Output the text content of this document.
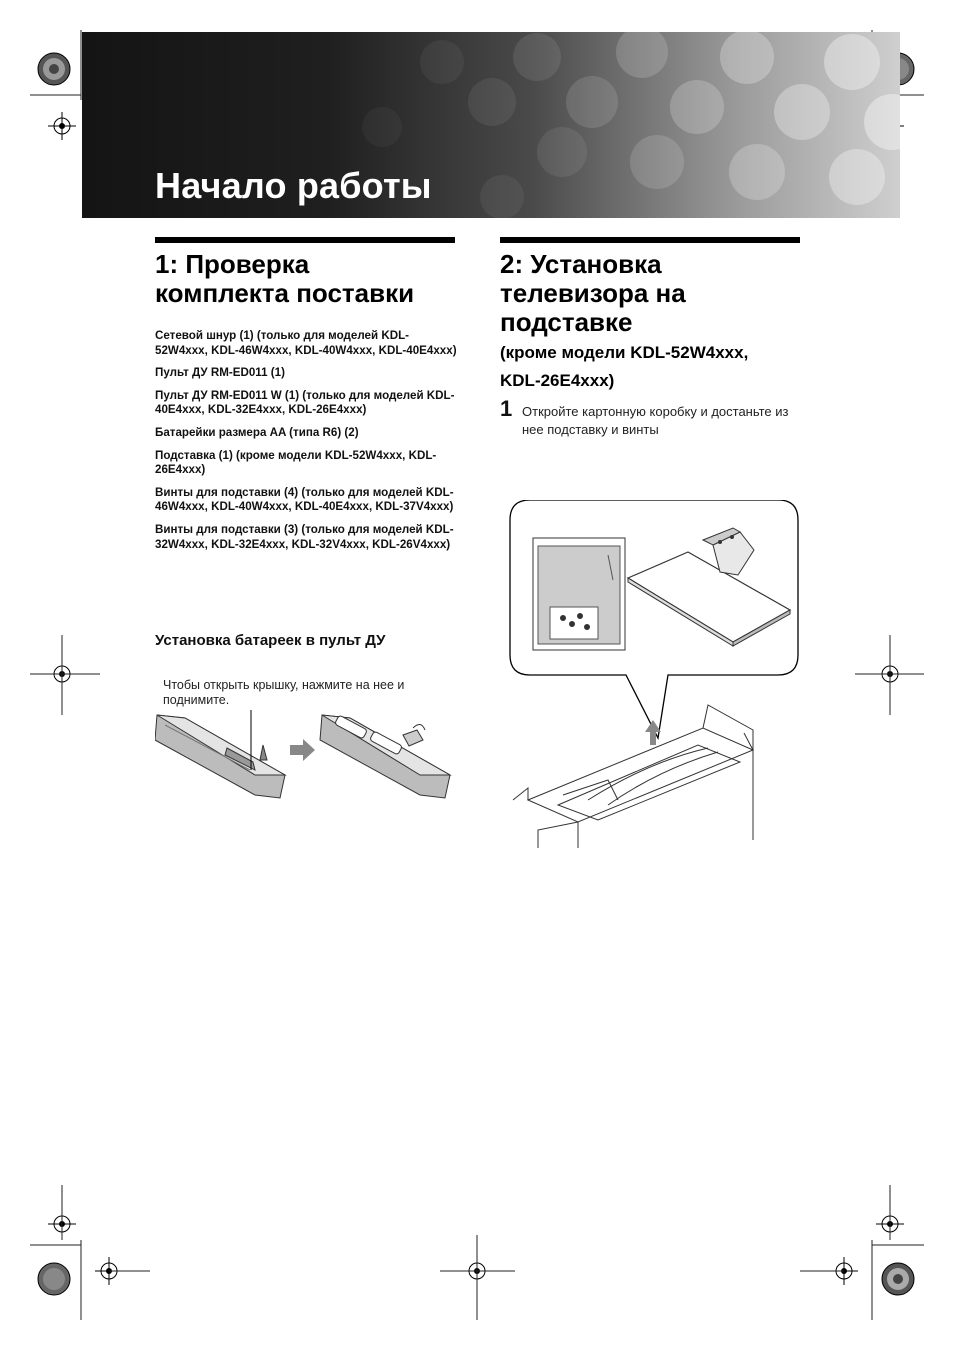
Начало работы
1: Проверка
комплекта поставки
Сетевой шнур (1) (только для моделей KDL-52W4xxx, KDL-46W4xxx, KDL-40W4xxx, KDL-40E4xxx)
Пульт ДУ RM-ED011 (1)
Пульт ДУ RM-ED011 W (1) (только для моделей KDL-40E4xxx, KDL-32E4xxx, KDL-26E4xxx)
Батарейки размера AA (типа R6) (2)
Подставка (1) (кроме модели KDL-52W4xxx, KDL-26E4xxx)
Винты для подставки (4) (только для моделей KDL-46W4xxx, KDL-40W4xxx, KDL-40E4xxx, KDL-37V4xxx)
Винты для подставки (3) (только для моделей KDL-32W4xxx, KDL-32E4xxx, KDL-32V4xxx, KDL-26V4xxx)
Установка батареек в пульт ДУ
Чтобы открыть крышку, нажмите на нее и поднимите.
2: Установка
телевизора на
подставке
(кроме модели KDL-52W4xxx,
KDL-26E4xxx)
1 Откройте картонную коробку и достаньте из нее подставку и винты
